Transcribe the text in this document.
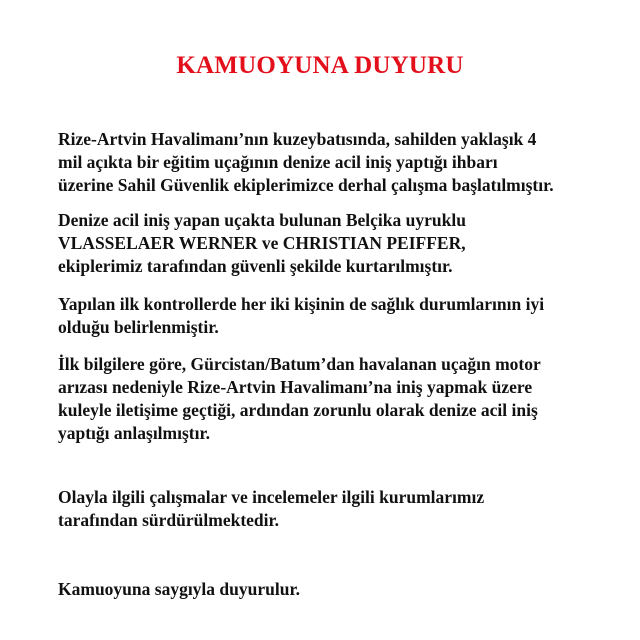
KAMUOYUNA DUYURU

Rize-Artvin Havalimanı’nın kuzeybatısında, sahilden yaklaşık 4
mil açıkta bir eğitim uçağının denize acil iniş yaptığı ihbarı
üzerine Sahil Güvenlik ekiplerimizce derhal çalışma başlatılmıştır.

Denize acil iniş yapan uçakta bulunan Belçika uyruklu
VLASSELAER WERNER ve CHRISTIAN PEIFFER,
ekiplerimiz tarafından güvenli şekilde kurtarılmıştır.

Yapılan ilk kontrollerde her iki kişinin de sağlık durumlarının iyi
olduğu belirlenmiştir.

İlk bilgilere göre, Gürcistan/Batum’dan havalanan uçağın motor
arızası nedeniyle Rize-Artvin Havalimanı’na iniş yapmak üzere
kuleyle iletişime geçtiği, ardından zorunlu olarak denize acil iniş
yaptığı anlaşılmıştır.

Olayla ilgili çalışmalar ve incelemeler ilgili kurumlarımız
tarafından sürdürülmektedir.

Kamuoyuna saygıyla duyurulur.
